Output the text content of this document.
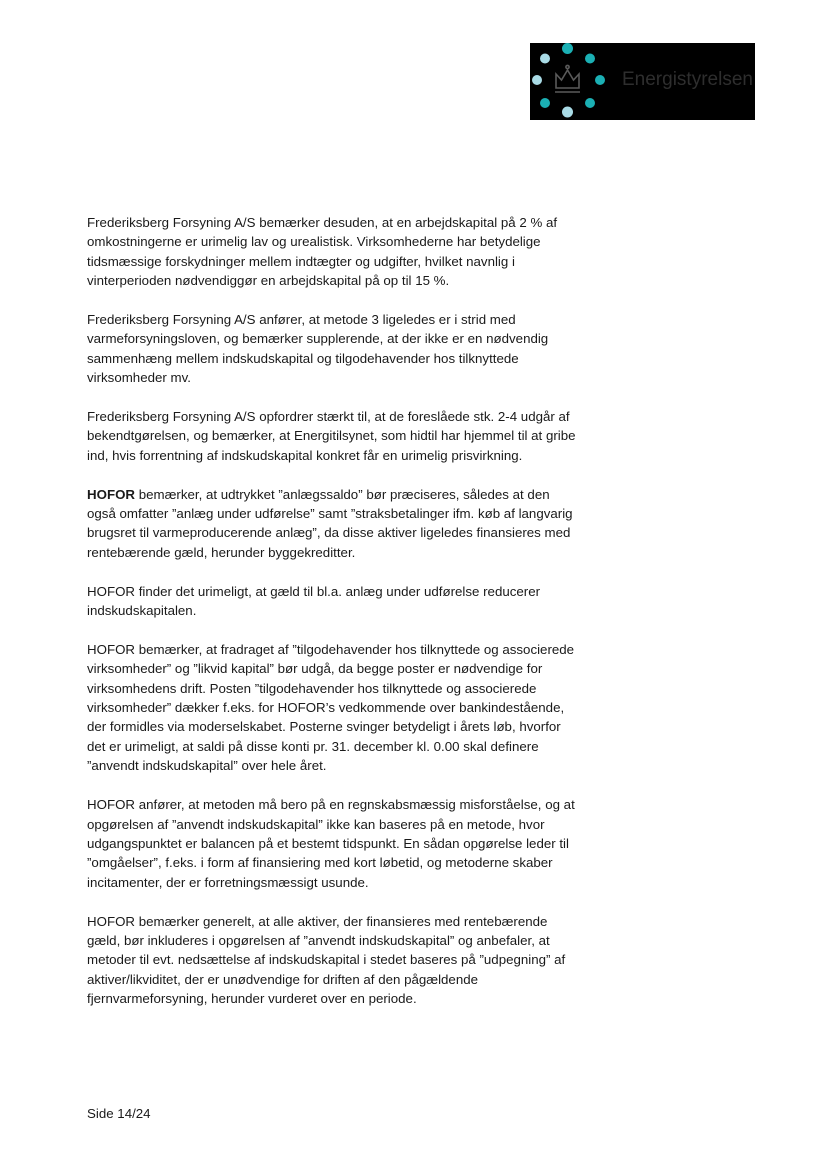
Energistyrelsen

Frederiksberg Forsyning A/S bemærker desuden, at en arbejdskapital på 2 % af
omkostningerne er urimelig lav og urealistisk. Virksomhederne har betydelige
tidsmæssige forskydninger mellem indtægter og udgifter, hvilket navnlig i
vinterperioden nødvendiggør en arbejdskapital på op til 15 %.

Frederiksberg Forsyning A/S anfører, at metode 3 ligeledes er i strid med
varmeforsyningsloven, og bemærker supplerende, at der ikke er en nødvendig
sammenhæng mellem indskudskapital og tilgodehavender hos tilknyttede
virksomheder mv.

Frederiksberg Forsyning A/S opfordrer stærkt til, at de foreslåede stk. 2-4 udgår af
bekendtgørelsen, og bemærker, at Energitilsynet, som hidtil har hjemmel til at gribe
ind, hvis forrentning af indskudskapital konkret får en urimelig prisvirkning.

HOFOR bemærker, at udtrykket ”anlægssaldo” bør præciseres, således at den
også omfatter ”anlæg under udførelse” samt ”straksbetalinger ifm. køb af langvarig
brugsret til varmeproducerende anlæg”, da disse aktiver ligeledes finansieres med
rentebærende gæld, herunder byggekreditter.

HOFOR finder det urimeligt, at gæld til bl.a. anlæg under udførelse reducerer
indskudskapitalen.

HOFOR bemærker, at fradraget af ”tilgodehavender hos tilknyttede og associerede
virksomheder” og ”likvid kapital” bør udgå, da begge poster er nødvendige for
virksomhedens drift. Posten ”tilgodehavender hos tilknyttede og associerede
virksomheder” dækker f.eks. for HOFOR’s vedkommende over bankindestående,
der formidles via moderselskabet. Posterne svinger betydeligt i årets løb, hvorfor
det er urimeligt, at saldi på disse konti pr. 31. december kl. 0.00 skal definere
”anvendt indskudskapital” over hele året.

HOFOR anfører, at metoden må bero på en regnskabsmæssig misforståelse, og at
opgørelsen af ”anvendt indskudskapital” ikke kan baseres på en metode, hvor
udgangspunktet er balancen på et bestemt tidspunkt. En sådan opgørelse leder til
”omgåelser”, f.eks. i form af finansiering med kort løbetid, og metoderne skaber
incitamenter, der er forretningsmæssigt usunde.

HOFOR bemærker generelt, at alle aktiver, der finansieres med rentebærende
gæld, bør inkluderes i opgørelsen af ”anvendt indskudskapital” og anbefaler, at
metoder til evt. nedsættelse af indskudskapital i stedet baseres på ”udpegning” af
aktiver/likviditet, der er unødvendige for driften af den pågældende
fjernvarmeforsyning, herunder vurderet over en periode.

Side 14/24
